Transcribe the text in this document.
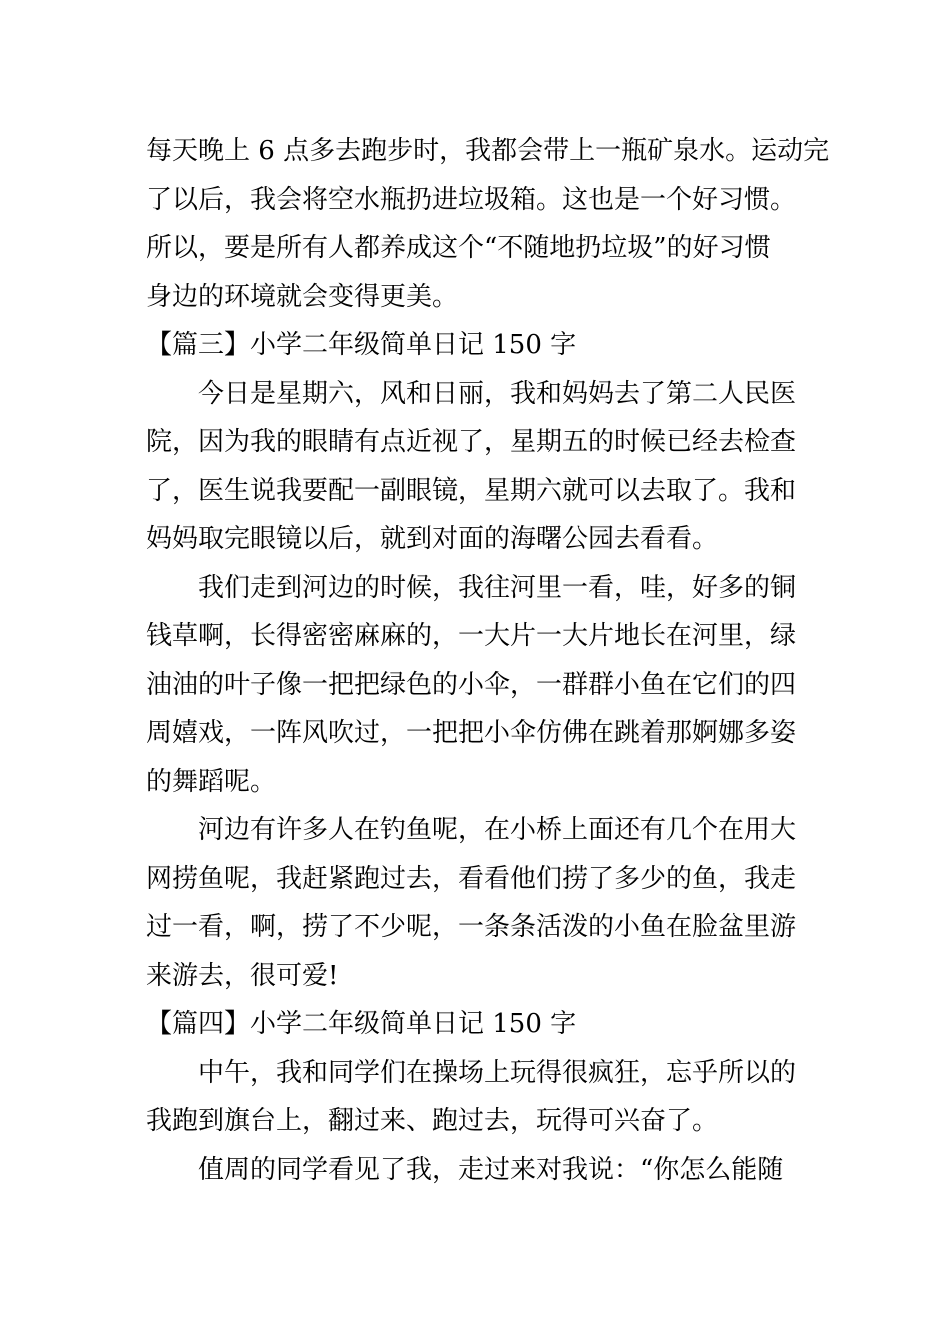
每天晚上 6 点多去跑步时，我都会带上一瓶矿泉水。运动完
了以后，我会将空水瓶扔进垃圾箱。这也是一个好习惯。
所以，要是所有人都养成这个“不随地扔垃圾”的好习惯
身边的环境就会变得更美。

【篇三】小学二年级简单日记 150 字

今日是星期六，风和日丽，我和妈妈去了第二人民医
院，因为我的眼睛有点近视了，星期五的时候已经去检查
了，医生说我要配一副眼镜，星期六就可以去取了。我和
妈妈取完眼镜以后，就到对面的海曙公园去看看。

我们走到河边的时候，我往河里一看，哇，好多的铜
钱草啊，长得密密麻麻的，一大片一大片地长在河里，绿
油油的叶子像一把把绿色的小伞，一群群小鱼在它们的四
周嬉戏，一阵风吹过，一把把小伞仿佛在跳着那婀娜多姿
的舞蹈呢。

河边有许多人在钓鱼呢，在小桥上面还有几个在用大
网捞鱼呢，我赶紧跑过去，看看他们捞了多少的鱼，我走
过一看，啊，捞了不少呢，一条条活泼的小鱼在脸盆里游
来游去，很可爱!

【篇四】小学二年级简单日记 150 字

中午，我和同学们在操场上玩得很疯狂，忘乎所以的
我跑到旗台上，翻过来、跑过去，玩得可兴奋了。

值周的同学看见了我，走过来对我说：“你怎么能随
